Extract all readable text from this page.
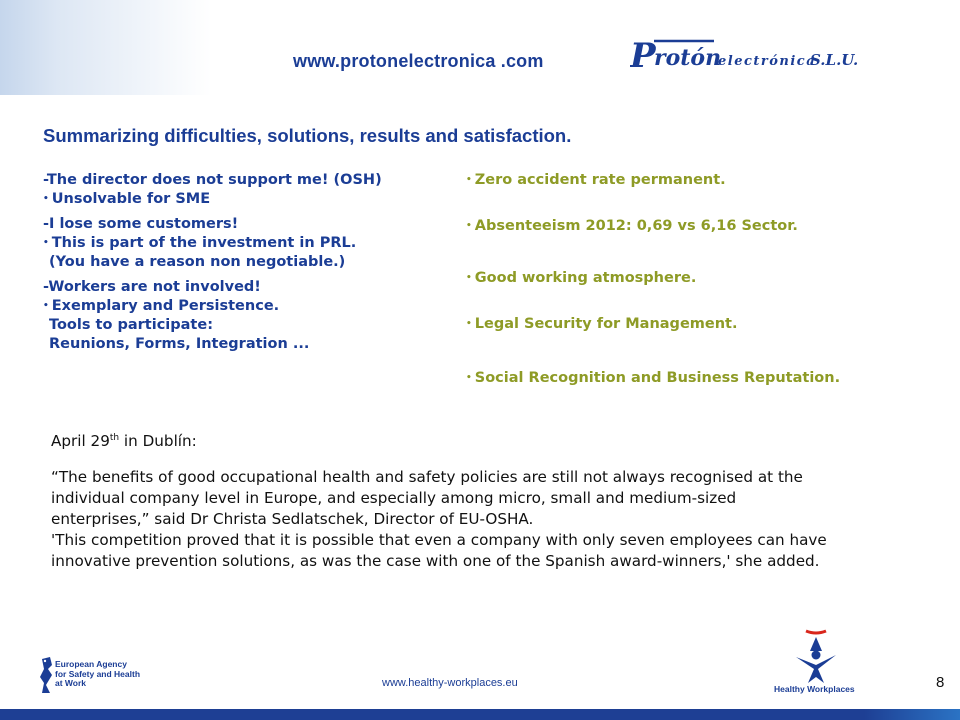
www.protonelectronica .com	P
rotón
electrónica
S.L.U.
Summarizing difficulties, solutions, results and satisfaction.
-The director does not support me! (OSH)
• Unsolvable for SME
-I lose some customers!
• This is part of the investment in PRL.
(You have a reason non negotiable.)
-Workers are not involved!
• Exemplary and Persistence.
Tools to participate:
Reunions, Forms, Integration ...
• Zero accident rate permanent.
• Absenteeism 2012: 0,69 vs 6,16 Sector.
• Good working atmosphere.
• Legal Security for Management.
• Social Recognition and Business Reputation.
April 29th in Dublín:

“The benefits of good occupational health and safety policies are still not always recognised at the

individual company level in Europe, and especially among micro, small and medium-sized

enterprises,” said Dr Christa Sedlatschek, Director of EU-OSHA.

'This competition proved that it is possible that even a company with only seven employees can have

innovative prevention solutions, as was the case with one of the Spanish award-winners,' she added.

European Agency
for Safety and Health
at Work	www.healthy-workplaces.eu	Healthy Workplaces	8
